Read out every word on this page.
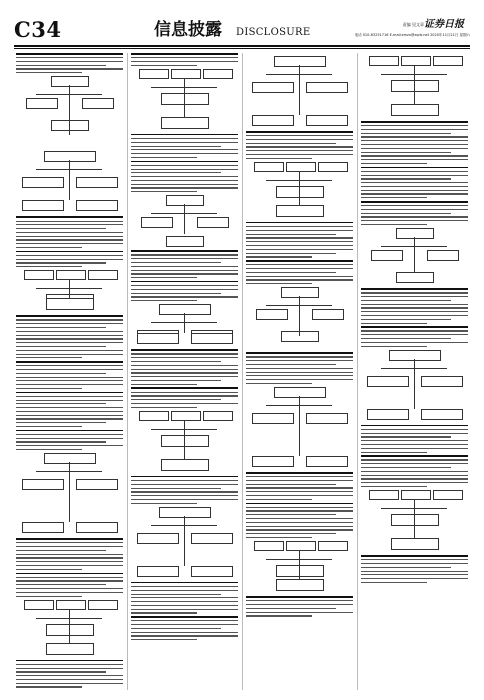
C34	信息披露 DISCLOSURE
责编 见文章 证券日报
电话 010-83251716 E-mail:zmzx@zqrb.net 2020年11月21日 星期六
